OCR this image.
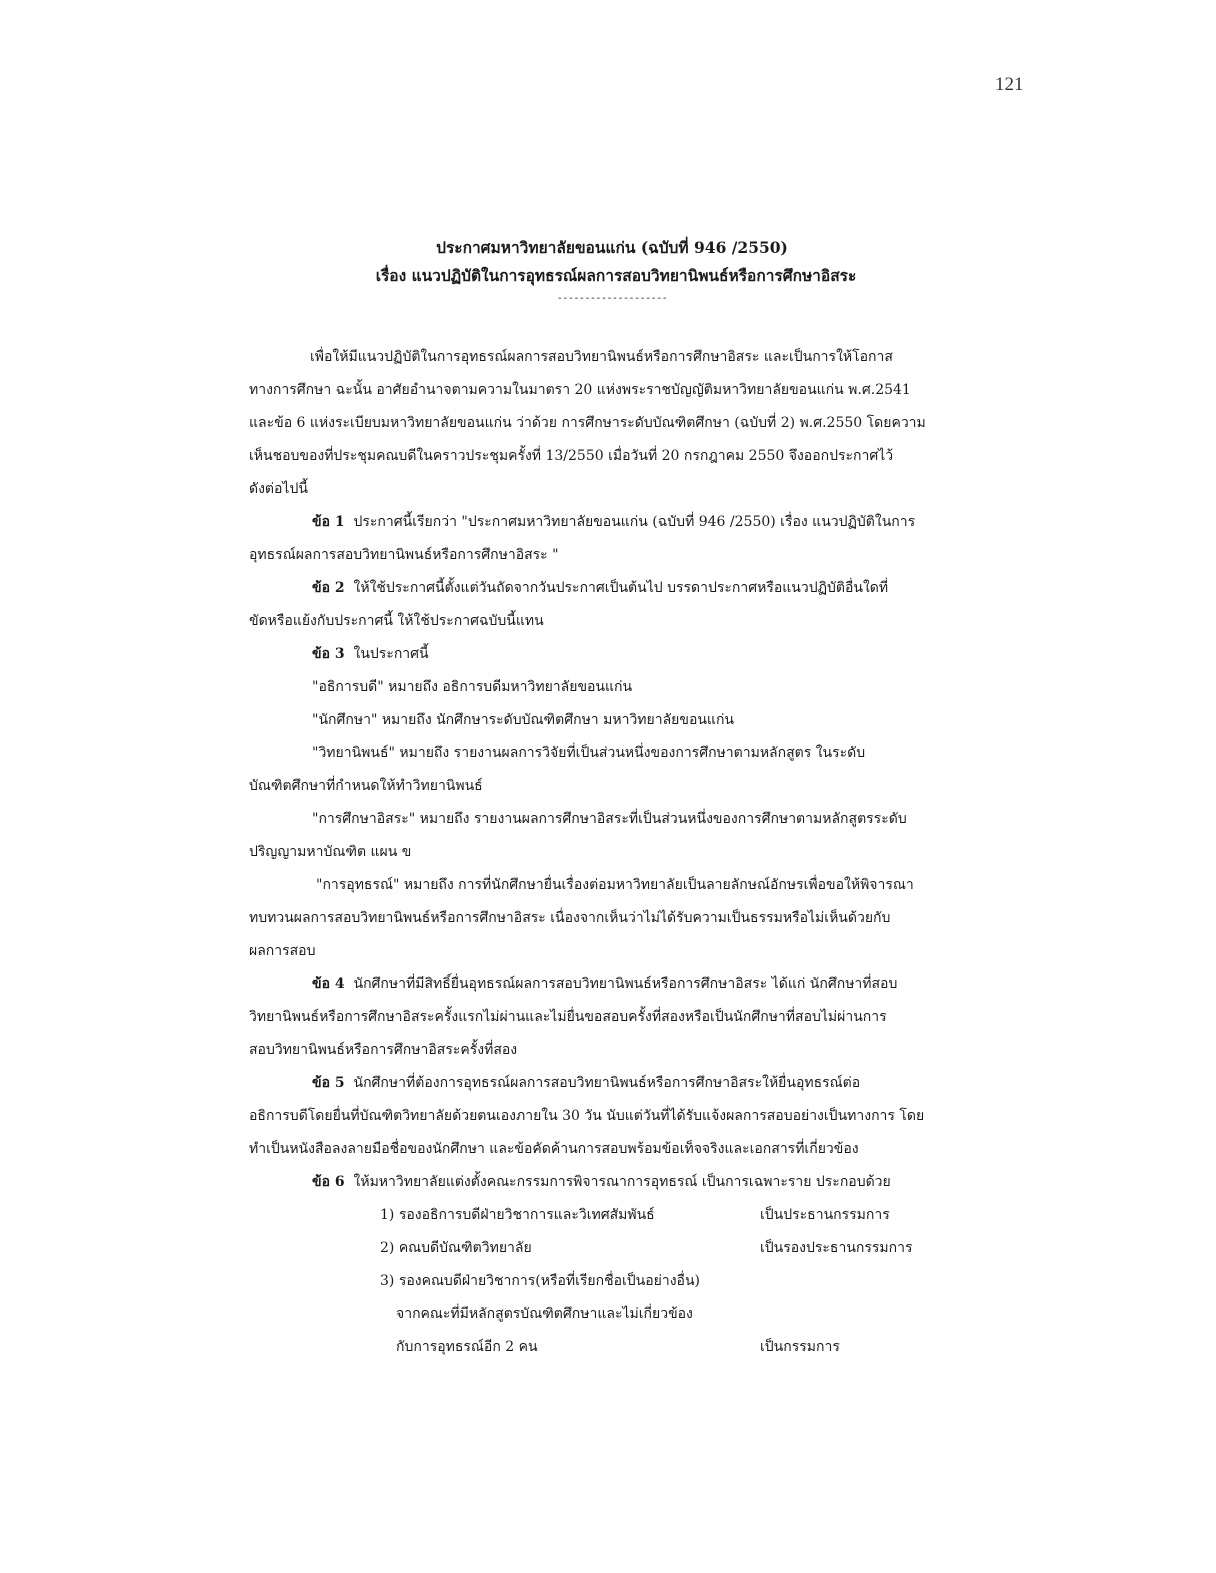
121
ประกาศมหาวิทยาลัยขอนแก่น (ฉบับที่ 946 /2550)
เรื่อง แนวปฏิบัติในการอุทธรณ์ผลการสอบวิทยานิพนธ์หรือการศึกษาอิสระ
--------------------
เพื่อให้มีแนวปฏิบัติในการอุทธรณ์ผลการสอบวิทยานิพนธ์หรือการศึกษาอิสระ และเป็นการให้โอกาส
ทางการศึกษา ฉะนั้น อาศัยอำนาจตามความในมาตรา 20 แห่งพระราชบัญญัติมหาวิทยาลัยขอนแก่น พ.ศ.2541
และข้อ 6 แห่งระเบียบมหาวิทยาลัยขอนแก่น ว่าด้วย การศึกษาระดับบัณฑิตศึกษา (ฉบับที่ 2) พ.ศ.2550 โดยความ
เห็นชอบของที่ประชุมคณบดีในคราวประชุมครั้งที่ 13/2550 เมื่อวันที่ 20 กรกฎาคม 2550 จึงออกประกาศไว้
ดังต่อไปนี้
ข้อ 1 ประกาศนี้เรียกว่า "ประกาศมหาวิทยาลัยขอนแก่น (ฉบับที่ 946 /2550) เรื่อง แนวปฏิบัติในการ
อุทธรณ์ผลการสอบวิทยานิพนธ์หรือการศึกษาอิสระ "
ข้อ 2 ให้ใช้ประกาศนี้ตั้งแต่วันถัดจากวันประกาศเป็นต้นไป บรรดาประกาศหรือแนวปฏิบัติอื่นใดที่
ขัดหรือแย้งกับประกาศนี้ ให้ใช้ประกาศฉบับนี้แทน
ข้อ 3 ในประกาศนี้
"อธิการบดี" หมายถึง อธิการบดีมหาวิทยาลัยขอนแก่น
"นักศึกษา" หมายถึง นักศึกษาระดับบัณฑิตศึกษา มหาวิทยาลัยขอนแก่น
"วิทยานิพนธ์" หมายถึง รายงานผลการวิจัยที่เป็นส่วนหนึ่งของการศึกษาตามหลักสูตร ในระดับ
บัณฑิตศึกษาที่กำหนดให้ทำวิทยานิพนธ์
"การศึกษาอิสระ" หมายถึง รายงานผลการศึกษาอิสระที่เป็นส่วนหนึ่งของการศึกษาตามหลักสูตรระดับ
ปริญญามหาบัณฑิต แผน ข
"การอุทธรณ์" หมายถึง การที่นักศึกษายื่นเรื่องต่อมหาวิทยาลัยเป็นลายลักษณ์อักษรเพื่อขอให้พิจารณา
ทบทวนผลการสอบวิทยานิพนธ์หรือการศึกษาอิสระ เนื่องจากเห็นว่าไม่ได้รับความเป็นธรรมหรือไม่เห็นด้วยกับ
ผลการสอบ
ข้อ 4 นักศึกษาที่มีสิทธิ์ยื่นอุทธรณ์ผลการสอบวิทยานิพนธ์หรือการศึกษาอิสระ ได้แก่ นักศึกษาที่สอบ
วิทยานิพนธ์หรือการศึกษาอิสระครั้งแรกไม่ผ่านและไม่ยื่นขอสอบครั้งที่สองหรือเป็นนักศึกษาที่สอบไม่ผ่านการ
สอบวิทยานิพนธ์หรือการศึกษาอิสระครั้งที่สอง
ข้อ 5 นักศึกษาที่ต้องการอุทธรณ์ผลการสอบวิทยานิพนธ์หรือการศึกษาอิสระให้ยื่นอุทธรณ์ต่อ
อธิการบดีโดยยื่นที่บัณฑิตวิทยาลัยด้วยตนเองภายใน 30 วัน นับแต่วันที่ได้รับแจ้งผลการสอบอย่างเป็นทางการ โดย
ทำเป็นหนังสือลงลายมือชื่อของนักศึกษา และข้อคัดค้านการสอบพร้อมข้อเท็จจริงและเอกสารที่เกี่ยวข้อง
ข้อ 6 ให้มหาวิทยาลัยแต่งตั้งคณะกรรมการพิจารณาการอุทธรณ์ เป็นการเฉพาะราย ประกอบด้วย
1) รองอธิการบดีฝ่ายวิชาการและวิเทศสัมพันธ์	เป็นประธานกรรมการ
2) คณบดีบัณฑิตวิทยาลัย	เป็นรองประธานกรรมการ
3) รองคณบดีฝ่ายวิชาการ(หรือที่เรียกชื่อเป็นอย่างอื่น)
จากคณะที่มีหลักสูตรบัณฑิตศึกษาและไม่เกี่ยวข้อง
กับการอุทธรณ์อีก 2 คน	เป็นกรรมการ
